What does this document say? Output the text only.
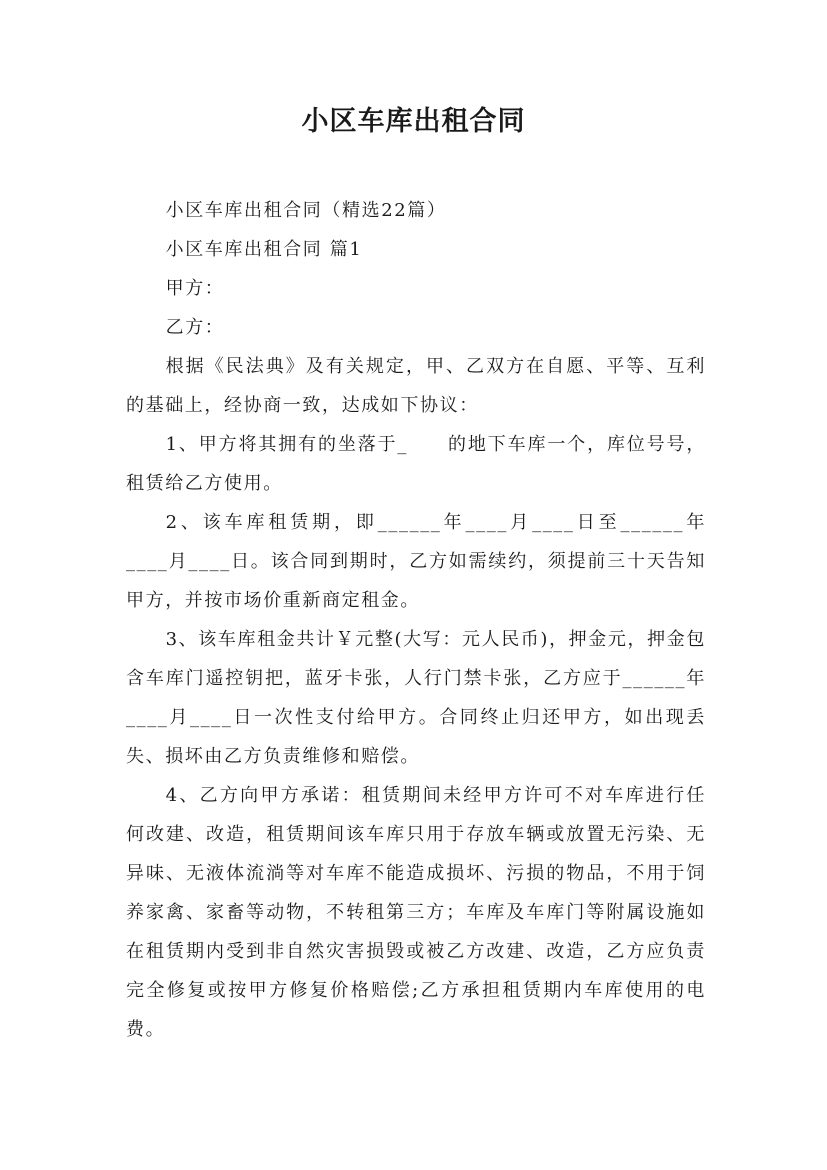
小区车库出租合同

小区车库出租合同（精选22篇）

小区车库出租合同 篇1

甲方：

乙方：

根据《民法典》及有关规定，甲、乙双方在自愿、平等、互利的基础上，经协商一致，达成如下协议：

1、甲方将其拥有的坐落于_　　的地下车库一个，库位号号，租赁给乙方使用。

2、该车库租赁期，即______年____月____日至______年____月____日。该合同到期时，乙方如需续约，须提前三十天告知甲方，并按市场价重新商定租金。

3、该车库租金共计￥元整(大写：元人民币)，押金元，押金包含车库门遥控钥把，蓝牙卡张，人行门禁卡张，乙方应于______年____月____日一次性支付给甲方。合同终止归还甲方，如出现丢失、损坏由乙方负责维修和赔偿。

4、乙方向甲方承诺：租赁期间未经甲方许可不对车库进行任何改建、改造，租赁期间该车库只用于存放车辆或放置无污染、无异味、无液体流淌等对车库不能造成损坏、污损的物品，不用于饲养家禽、家畜等动物，不转租第三方；车库及车库门等附属设施如在租赁期内受到非自然灾害损毁或被乙方改建、改造，乙方应负责完全修复或按甲方修复价格赔偿;乙方承担租赁期内车库使用的电费。
